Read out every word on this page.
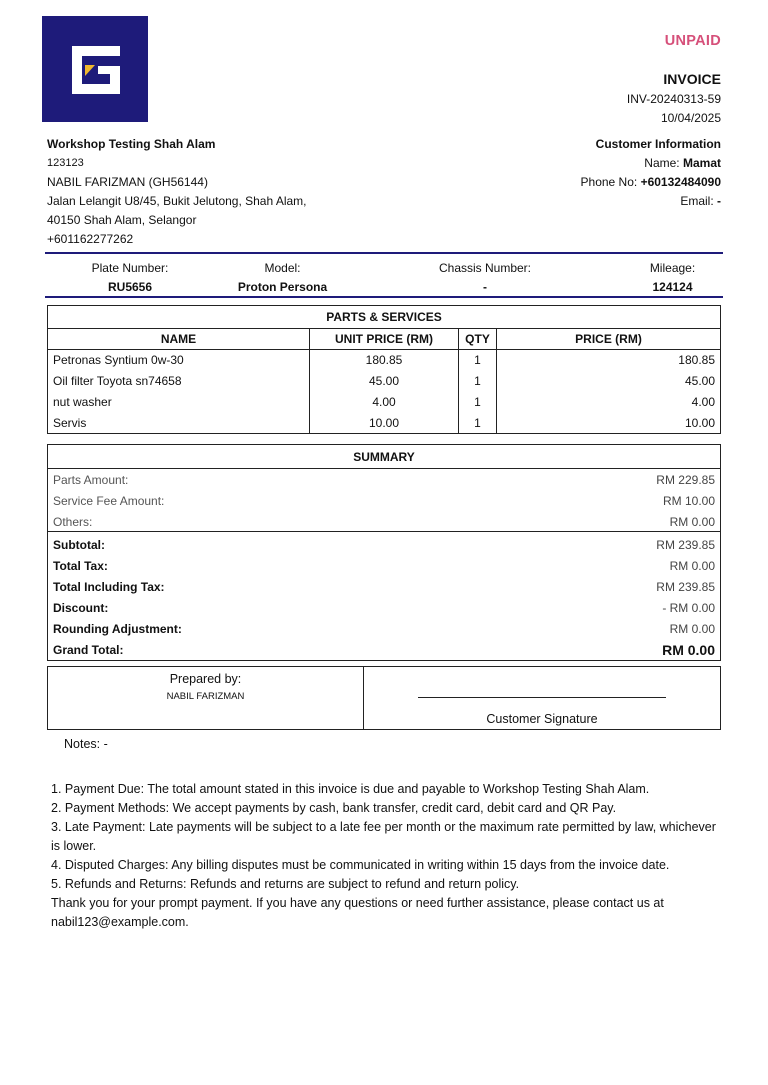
UNPAID
INVOICE
INV-20240313-59
10/04/2025
Workshop Testing Shah Alam
123123
NABIL FARIZMAN (GH56144)
Jalan Lelangit U8/45, Bukit Jelutong, Shah Alam,
40150 Shah Alam, Selangor
+601162277262
Customer Information
Name: Mamat
Phone No: +60132484090
Email: -
Plate Number:
RU5656
Model:
Proton Persona
Chassis Number:
-
Mileage:
124124
PARTS & SERVICES			
NAME	UNIT PRICE (RM)	QTY	PRICE (RM)
Petronas Syntium 0w-30	180.85	1	180.85
Oil filter Toyota sn74658	45.00	1	45.00
nut washer	4.00	1	4.00
Servis	10.00	1	10.00
SUMMARY
Parts Amount:	RM 229.85
Service Fee Amount:	RM 10.00
Others:	RM 0.00
Subtotal:	RM 239.85
Total Tax:	RM 0.00
Total Including Tax:	RM 239.85
Discount:	- RM 0.00
Rounding Adjustment:	RM 0.00
Grand Total:	RM 0.00
Prepared by:
NABIL FARIZMAN
Customer Signature
Notes: -
1. Payment Due: The total amount stated in this invoice is due and payable to Workshop Testing Shah Alam.
2. Payment Methods: We accept payments by cash, bank transfer, credit card, debit card and QR Pay.
3. Late Payment: Late payments will be subject to a late fee per month or the maximum rate permitted by law, whichever is lower.
4. Disputed Charges: Any billing disputes must be communicated in writing within 15 days from the invoice date.
5. Refunds and Returns: Refunds and returns are subject to refund and return policy.
Thank you for your prompt payment. If you have any questions or need further assistance, please contact us at nabil123@example.com.
